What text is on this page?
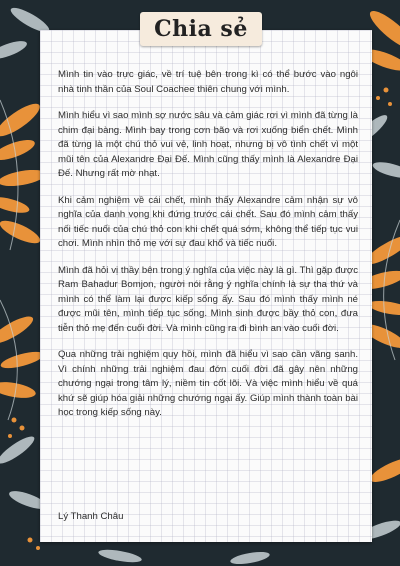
Mình tin vào trực giác, về trí tuệ bên trong kì có thể bước vào ngôi nhà tinh thần của Soul Coachee thiên chung với mình.

Mình hiểu vì sao mình sợ nước sâu và cảm giác rơi vì mình đã từng là chim đại bàng. Mình bay trong cơn bão và rơi xuống biển chết. Mình đã từng là một chú thỏ vui vẻ, linh hoạt, nhưng bị vô tình chết vì một mũi tên của Alexandre Đại Đế. Mình cũng thấy mình là Alexandre Đại Đế. Nhưng rất mờ nhạt.

Khi cảm nghiệm về cái chết, mình thấy Alexandre cảm nhận sự vô nghĩa của danh vọng khi đứng trước cái chết. Sau đó mình cảm thấy nối tiếc nuối của chú thỏ con khi chết quá sớm, không thể tiếp tục vui chơi. Mình nhìn thỏ mẹ với sự đau khổ và tiếc nuối.

Mình đã hỏi vị thầy bên trong ý nghĩa của việc này là gì. Thì gặp được Ram Bahadur Bomjon, người nói rằng ý nghĩa chính là sự tha thứ và mình có thể làm lại được kiếp sống ấy. Sau đó mình thấy mình né được mũi tên, mình tiếp tục sống. Mình sinh được bầy thỏ con, đưa tiễn thỏ mẹ đến cuối đời. Và mình cũng ra đi bình an vào cuối đời.

Qua những trải nghiệm quy hồi, mình đã hiểu vì sao cần vãng sanh. Vì chính những trải nghiệm đau đớn cuối đời đã gây nên những chướng ngại trong tâm lý, niềm tin cốt lõi. Và việc mình hiểu về quá khứ sẽ giúp hóa giải những chướng ngại ấy. Giúp mình thành toàn bài học trong kiếp sống này.

Lý Thanh Châu
Chia sẻ
